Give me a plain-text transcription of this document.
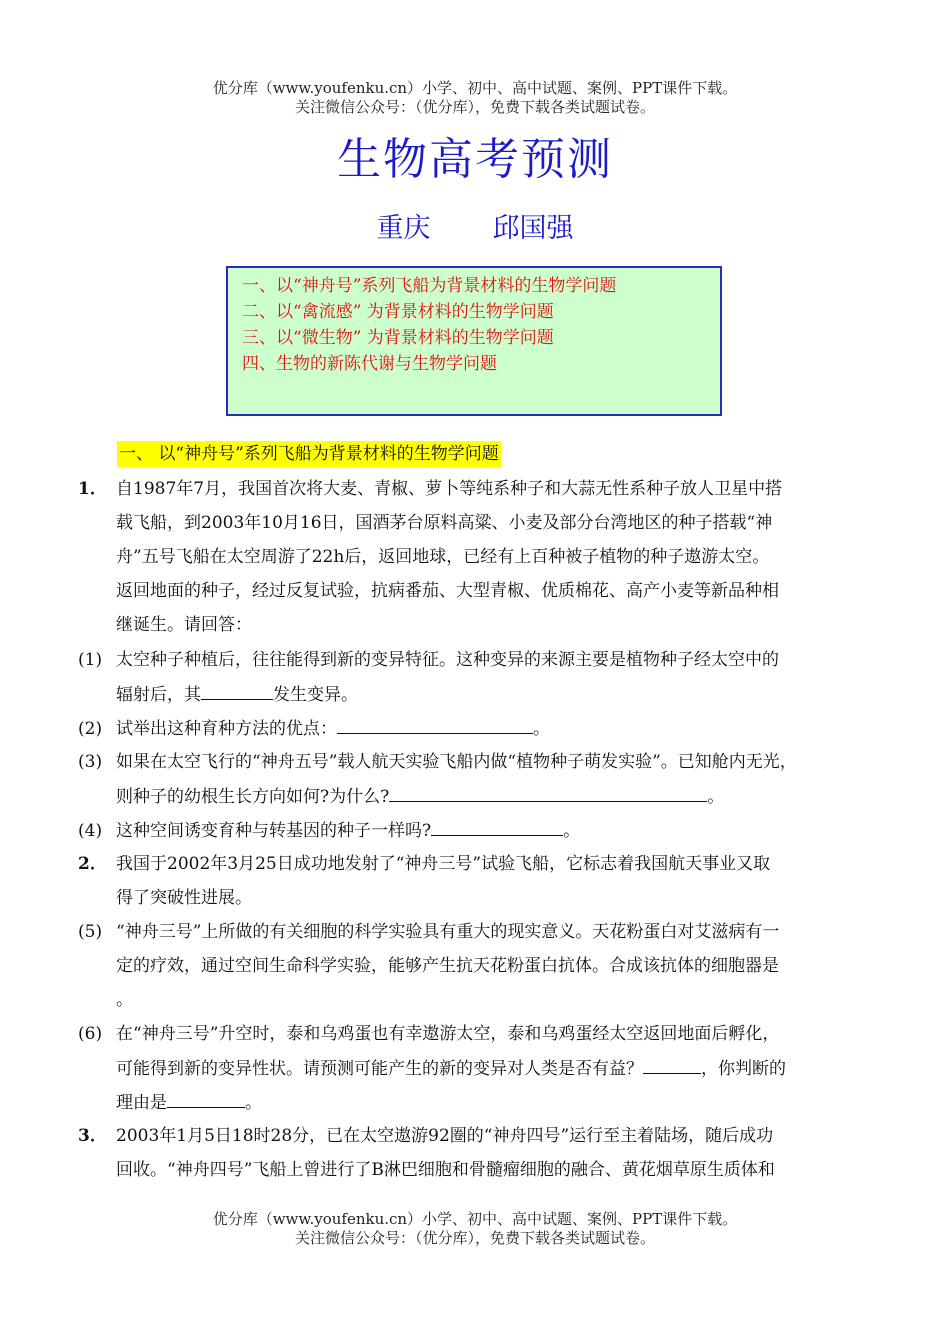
优分库（www.youfenku.cn）小学、初中、高中试题、案例、PPT课件下载。
关注微信公众号：（优分库），免费下载各类试题试卷。
生物高考预测
重庆 邱国强
一、以“神舟号”系列飞船为背景材料的生物学问题
二、以“禽流感” 为背景材料的生物学问题
三、以“微生物” 为背景材料的生物学问题
四、生物的新陈代谢与生物学问题
一、 以“神舟号”系列飞船为背景材料的生物学问题
1． 自1987年7月，我国首次将大麦、青椒、萝卜等纯系种子和大蒜无性系种子放人卫星中搭
载飞船，到2003年10月16日，国酒茅台原料高粱、小麦及部分台湾地区的种子搭载“神
舟”五号飞船在太空周游了22h后，返回地球，已经有上百种被子植物的种子遨游太空。
返回地面的种子，经过反复试验，抗病番茄、大型青椒、优质棉花、高产小麦等新品种相
继诞生。请回答：
(1) 太空种子种植后，往往能得到新的变异特征。这种变异的来源主要是植物种子经太空中的
辐射后，其	发生变异。
(2) 试举出这种育种方法的优点：	。
(3) 如果在太空飞行的“神舟五号”载人航天实验飞船内做“植物种子萌发实验”。已知舱内无光，
则种子的幼根生长方向如何?为什么?	。
(4) 这种空间诱变育种与转基因的种子一样吗?	。
2． 我国于2002年3月25日成功地发射了“神舟三号”试验飞船，它标志着我国航天事业又取
得了突破性进展。
(5) “神舟三号”上所做的有关细胞的科学实验具有重大的现实意义。天花粉蛋白对艾滋病有一
定的疗效，通过空间生命科学实验，能够产生抗天花粉蛋白抗体。合成该抗体的细胞器是
。
(6) 在“神舟三号”升空时，泰和乌鸡蛋也有幸遨游太空，泰和乌鸡蛋经太空返回地面后孵化，
可能得到新的变异性状。请预测可能产生的新的变异对人类是否有益？	，你判断的
理由是	。
3． 2003年1月5日18时28分，已在太空遨游92圈的“神舟四号”运行至主着陆场，随后成功
回收。“神舟四号”飞船上曾进行了B淋巴细胞和骨髓瘤细胞的融合、黄花烟草原生质体和
优分库（www.youfenku.cn）小学、初中、高中试题、案例、PPT课件下载。
关注微信公众号：（优分库），免费下载各类试题试卷。
